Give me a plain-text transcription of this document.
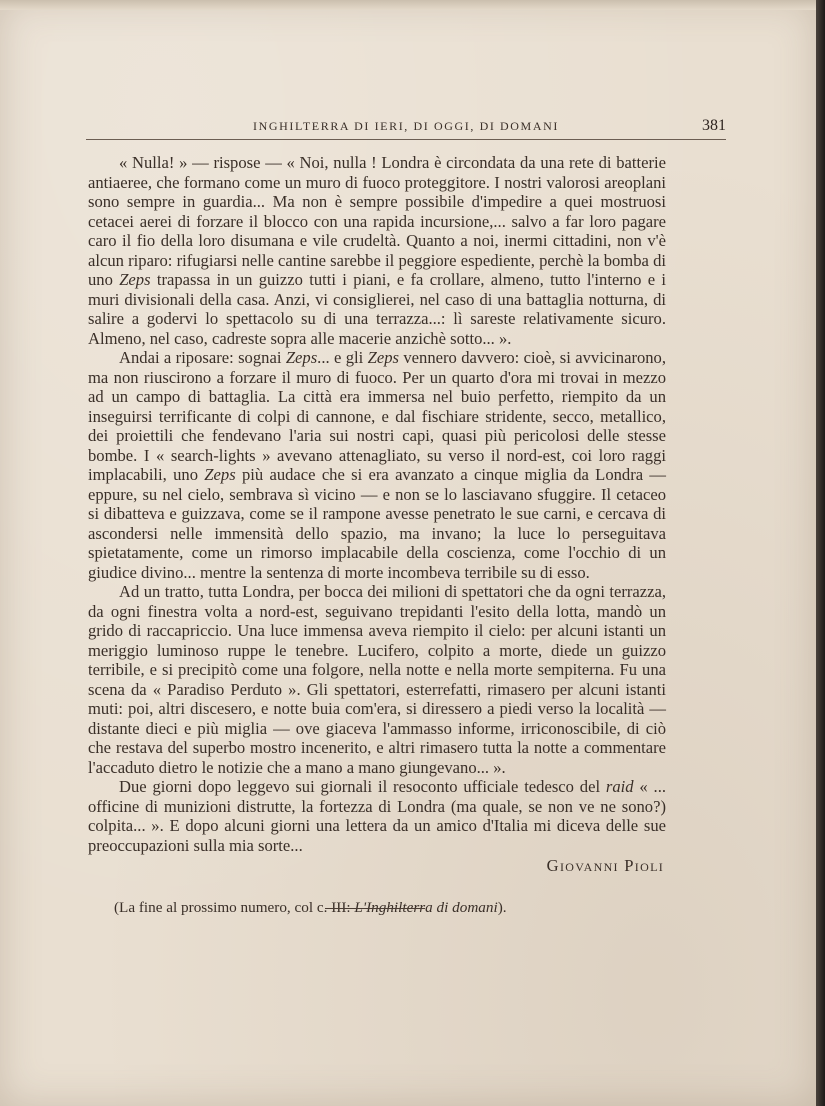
INGHILTERRA DI IERI, DI OGGI, DI DOMANI	381

« Nulla! » — rispose — « Noi, nulla ! Londra è circondata da una rete di batterie antiaeree, che formano come un muro di fuoco proteggitore. I nostri valorosi areoplani sono sempre in guardia... Ma non è sempre possibile d'impedire a quei mostruosi cetacei aerei di forzare il blocco con una rapida incursione,... salvo a far loro pagare caro il fio della loro disumana e vile crudeltà. Quanto a noi, inermi cittadini, non v'è alcun riparo: rifugiarsi nelle cantine sarebbe il peggiore espediente, perchè la bomba di uno Zeps trapassa in un guizzo tutti i piani, e fa crollare, almeno, tutto l'interno e i muri divisionali della casa. Anzi, vi consiglierei, nel caso di una battaglia notturna, di salire a godervi lo spettacolo su di una terrazza...: lì sareste relativamente sicuro. Almeno, nel caso, cadreste sopra alle macerie anzichè sotto... ».

Andai a riposare: sognai Zeps... e gli Zeps vennero davvero: cioè, si avvicinarono, ma non riuscirono a forzare il muro di fuoco. Per un quarto d'ora mi trovai in mezzo ad un campo di battaglia. La città era immersa nel buio perfetto, riempito da un inseguirsi terrificante di colpi di cannone, e dal fischiare stridente, secco, metallico, dei proiettili che fendevano l'aria sui nostri capi, quasi più pericolosi delle stesse bombe. I « search-lights » avevano attenagliato, su verso il nord-est, coi loro raggi implacabili, uno Zeps più audace che si era avanzato a cinque miglia da Londra — eppure, su nel cielo, sembrava sì vicino — e non se lo lasciavano sfuggire. Il cetaceo si dibatteva e guizzava, come se il rampone avesse penetrato le sue carni, e cercava di ascondersi nelle immensità dello spazio, ma invano; la luce lo perseguitava spietatamente, come un rimorso implacabile della coscienza, come l'occhio di un giudice divino... mentre la sentenza di morte incombeva terribile su di esso.

Ad un tratto, tutta Londra, per bocca dei milioni di spettatori che da ogni terrazza, da ogni finestra volta a nord-est, seguivano trepidanti l'esito della lotta, mandò un grido di raccapriccio. Una luce immensa aveva riempito il cielo: per alcuni istanti un meriggio luminoso ruppe le tenebre. Lucifero, colpito a morte, diede un guizzo terribile, e si precipitò come una folgore, nella notte e nella morte sempiterna. Fu una scena da « Paradiso Perduto ». Gli spettatori, esterrefatti, rimasero per alcuni istanti muti: poi, altri discesero, e notte buia com'era, si diressero a piedi verso la località — distante dieci e più miglia — ove giaceva l'ammasso informe, irriconoscibile, di ciò che restava del superbo mostro incenerito, e altri rimasero tutta la notte a commentare l'accaduto dietro le notizie che a mano a mano giungevano... ».

Due giorni dopo leggevo sui giornali il resoconto ufficiale tedesco del raid « ... officine di munizioni distrutte, la fortezza di Londra (ma quale, se non ve ne sono?) colpita... ». E dopo alcuni giorni una lettera da un amico d'Italia mi diceva delle sue preoccupazioni sulla mia sorte...

Giovanni Pioli
(La fine al prossimo numero, col c. III: L'Inghilterra di domani).
